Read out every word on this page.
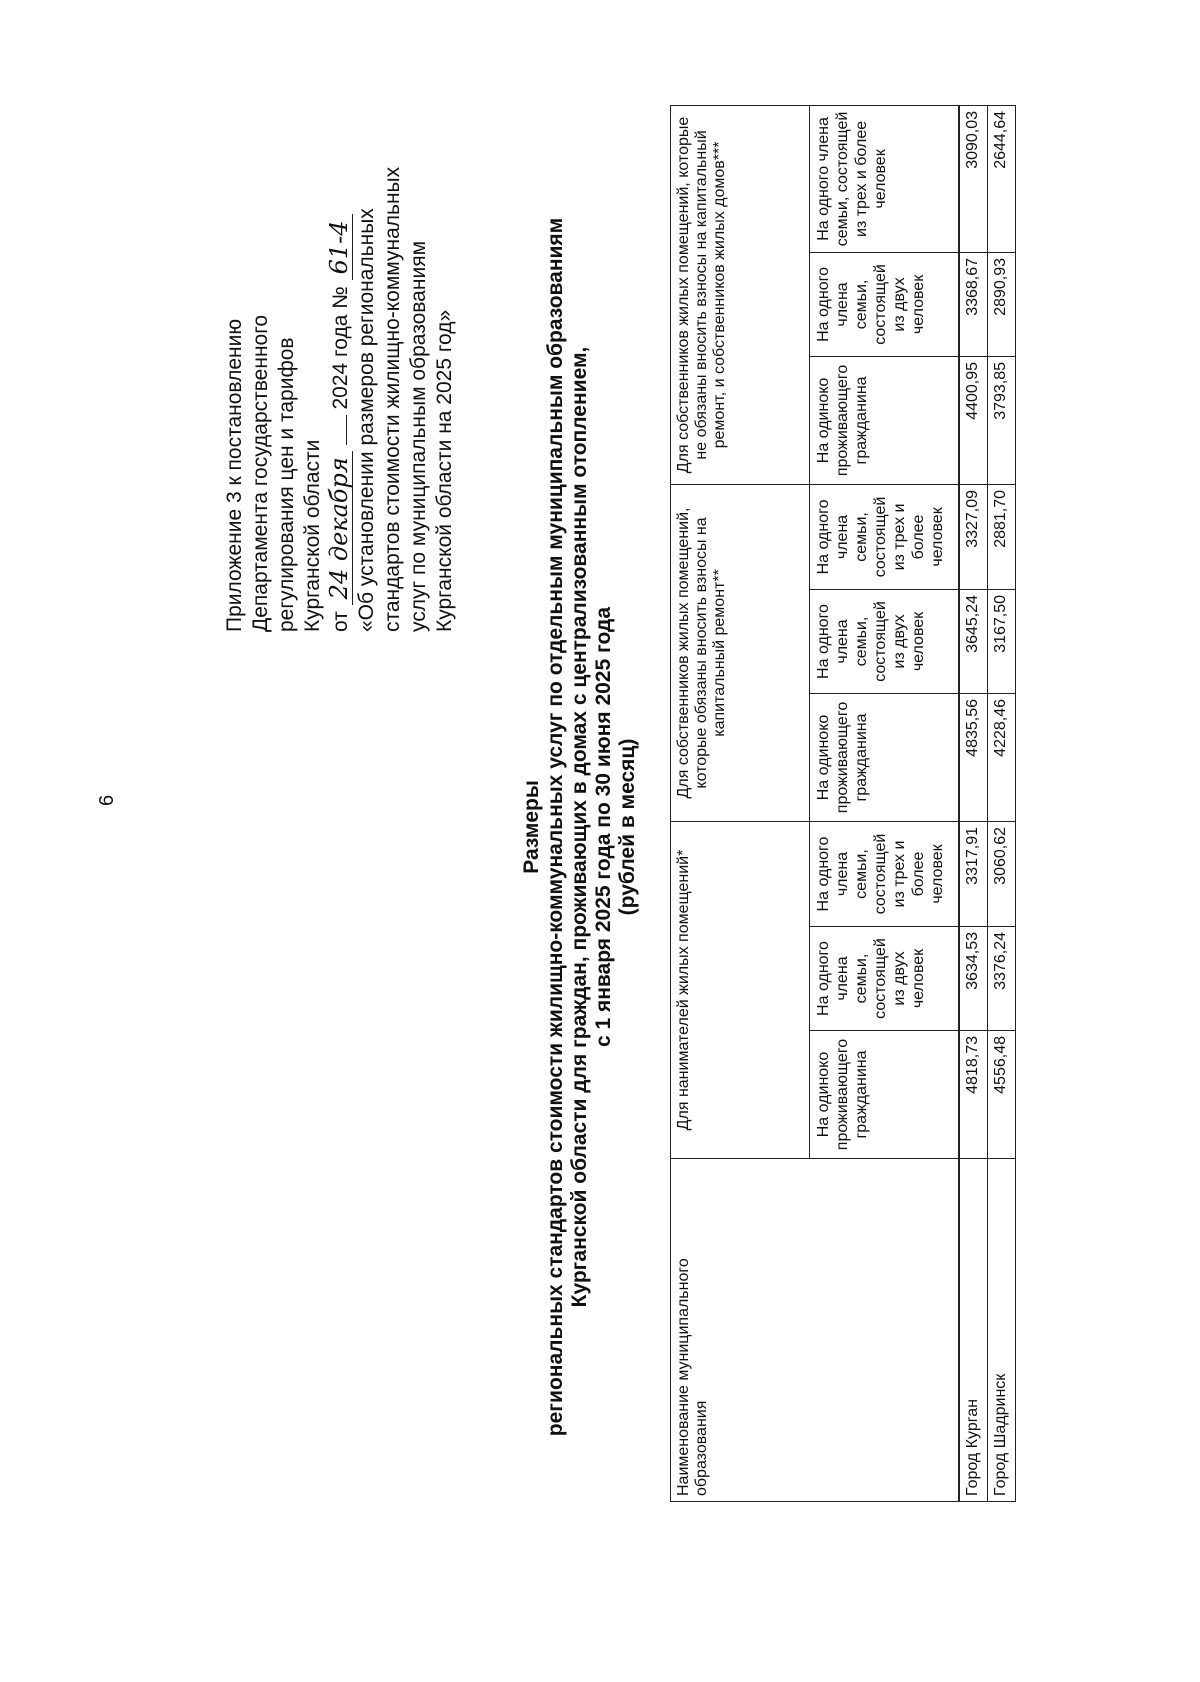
6
Приложение 3 к постановлению Департамента государственного регулирования цен и тарифов Курганской области от 24 декабря  2024 года № 61-4 «Об установлении размеров региональных стандартов стоимости жилищно-коммунальных услуг по муниципальным образованиям Курганской области на 2025 год»
Размеры региональных стандартов стоимости жилищно-коммунальных услуг по отдельным муниципальным образованиям Курганской области для граждан, проживающих в домах с централизованным отоплением, с 1 января 2025 года по 30 июня 2025 года (рублей в месяц)
Наименование муниципального образования	Для нанимателей жилых помещений*			Для собственников жилых помещений, которые обязаны вносить взносы на капитальный ремонт**			Для собственников жилых помещений, которые не обязаны вносить взносы на капитальный ремонт, и собственников жилых домов***		
	На одиноко проживающего гражданина	На одного члена семьи, состоящей из двух человек	На одного члена семьи, состоящей из трех и более человек	На одиноко проживающего гражданина	На одного члена семьи, состоящей из двух человек	На одного члена семьи, состоящей из трех и более человек	На одиноко проживающего гражданина	На одного члена семьи, состоящей из двух человек	На одного члена семьи, состоящей из трех и более человек
Город Курган	4818,73	3634,53	3317,91	4835,56	3645,24	3327,09	4400,95	3368,67	3090,03
Город Шадринск	4556,48	3376,24	3060,62	4228,46	3167,50	2881,70	3793,85	2890,93	2644,64
